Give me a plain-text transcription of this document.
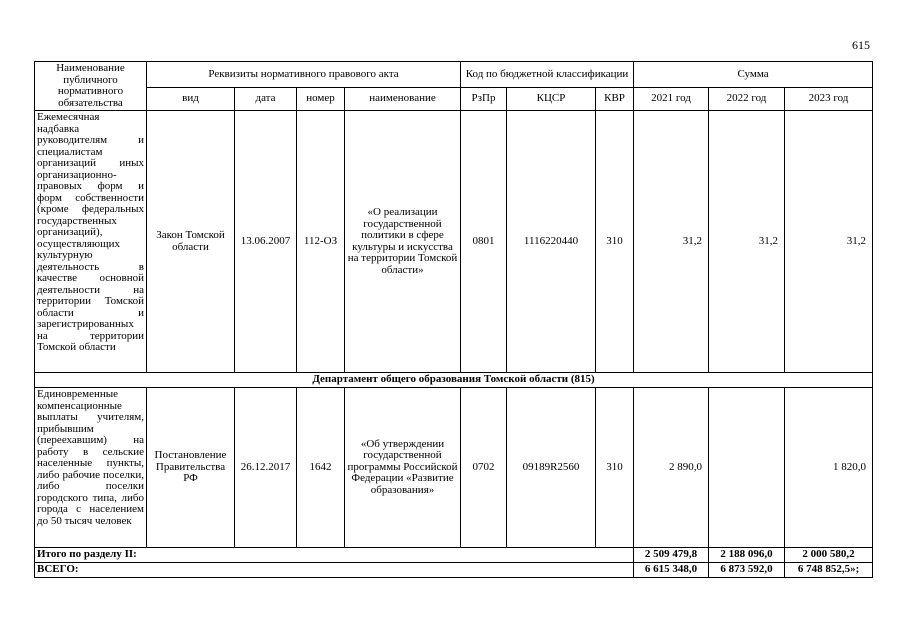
615
Наименование публичного нормативного обязательства	Реквизиты нормативного правового акта				Код по бюджетной классификации			Сумма		
	вид	дата	номер	наименование	РзПр	КЦСР	КВР	2021 год	2022 год	2023 год
Ежемесячная надбавка руководителям и специалистам организаций иных организационно-правовых форм и форм собственности (кроме федеральных государственных организаций), осуществляющих культурную деятельность в качестве основной деятельности на территории Томской области и зарегистрированных на территории Томской области	Закон Томской области	13.06.2007	112-ОЗ	«О реализации государственной политики в сфере культуры и искусства на территории Томской области»	0801	1116220440	310	31,2	31,2	31,2
Департамент общего образования Томской области (815)										
Единовременные компенсационные выплаты учителям, прибывшим (переехавшим) на работу в сельские населенные пункты, либо рабочие поселки, либо поселки городского типа, либо города с населением до 50 тысяч человек	Постановление Правительства РФ	26.12.2017	1642	«Об утверждении государственной программы Российской Федерации «Развитие образования»	0702	09189R2560	310	2 890,0		1 820,0
Итого по разделу II:								2 509 479,8	2 188 096,0	2 000 580,2
ВСЕГО:								6 615 348,0	6 873 592,0	6 748 852,5»;
